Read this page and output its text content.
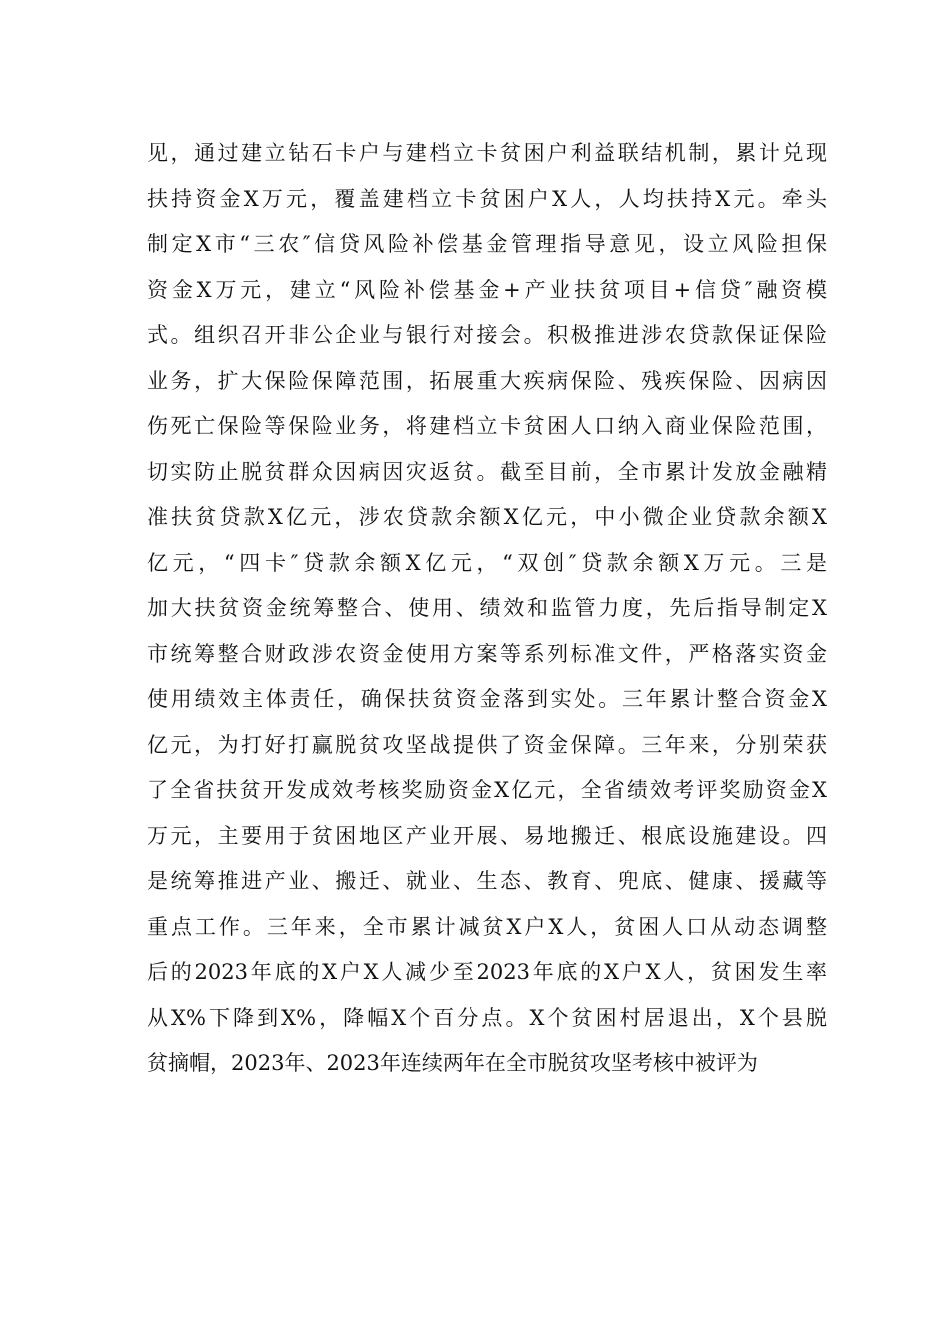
见，通过建立钻石卡户与建档立卡贫困户利益联结机制，累计兑现
扶持资金X万元，覆盖建档立卡贫困户X人，人均扶持X元。牵头
制定X市“三农″信贷风险补偿基金管理指导意见，设立风险担保
资金X万元，建立“风险补偿基金+产业扶贫项目+信贷″融资模
式。组织召开非公企业与银行对接会。积极推进涉农贷款保证保险
业务，扩大保险保障范围，拓展重大疾病保险、残疾保险、因病因
伤死亡保险等保险业务，将建档立卡贫困人口纳入商业保险范围，
切实防止脱贫群众因病因灾返贫。截至目前，全市累计发放金融精
准扶贫贷款X亿元，涉农贷款余额X亿元，中小微企业贷款余额X
亿元，“四卡″贷款余额X亿元，“双创″贷款余额X万元。三是
加大扶贫资金统筹整合、使用、绩效和监管力度，先后指导制定X
市统筹整合财政涉农资金使用方案等系列标准文件，严格落实资金
使用绩效主体责任，确保扶贫资金落到实处。三年累计整合资金X
亿元，为打好打赢脱贫攻坚战提供了资金保障。三年来，分别荣获
了全省扶贫开发成效考核奖励资金X亿元，全省绩效考评奖励资金X
万元，主要用于贫困地区产业开展、易地搬迁、根底设施建设。四
是统筹推进产业、搬迁、就业、生态、教育、兜底、健康、援藏等
重点工作。三年来，全市累计减贫X户X人，贫困人口从动态调整
后的2023年底的X户X人减少至2023年底的X户X人，贫困发生率
从X%下降到X%，降幅X个百分点。X个贫困村居退出，X个县脱
贫摘帽，2023年、2023年连续两年在全市脱贫攻坚考核中被评为
